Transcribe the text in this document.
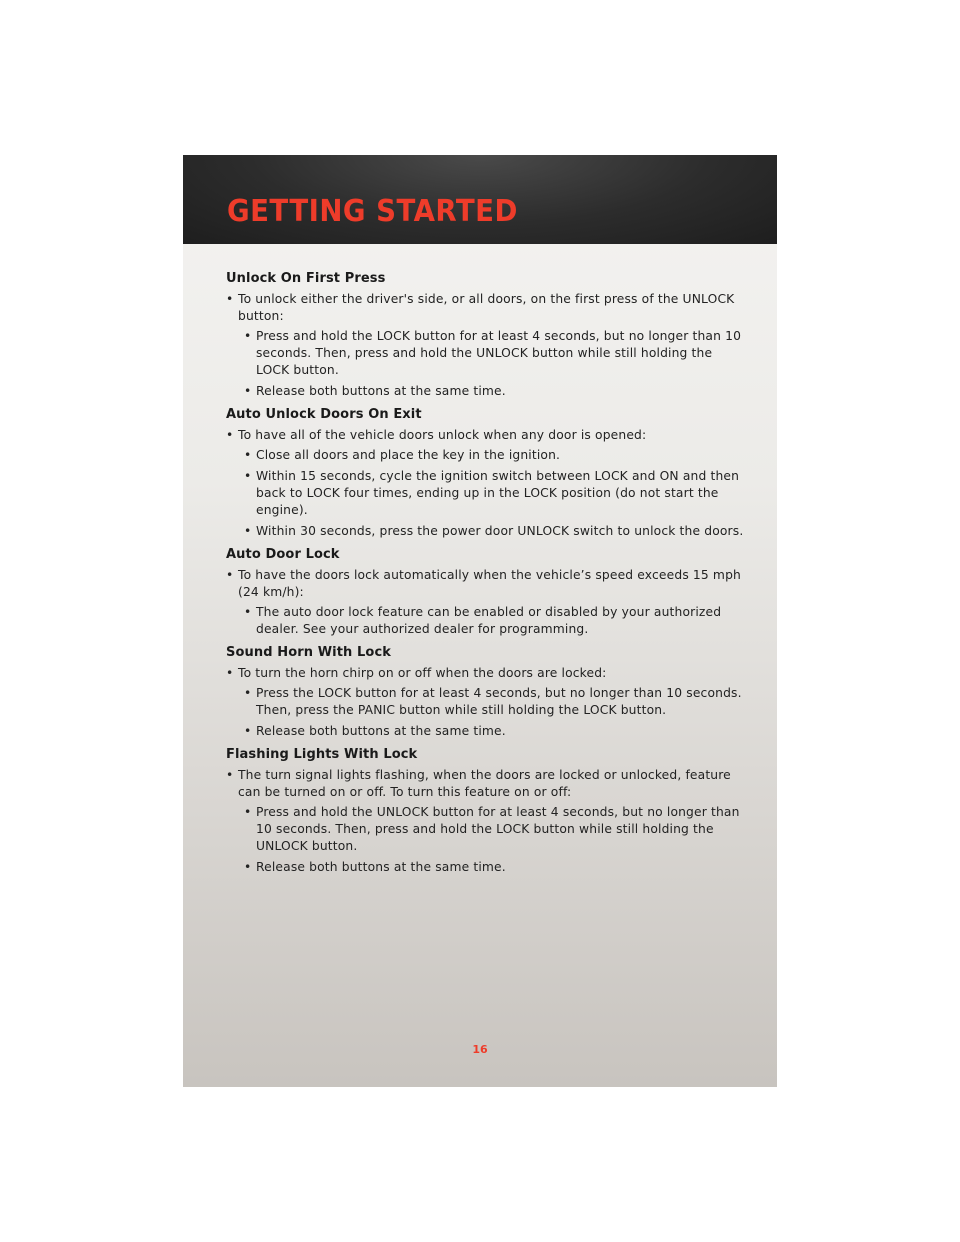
GETTING STARTED
Unlock On First Press

• To unlock either the driver's side, or all doors, on the first press of the UNLOCK button:

• Press and hold the LOCK button for at least 4 seconds, but no longer than 10 seconds. Then, press and hold the UNLOCK button while still holding the LOCK button.

• Release both buttons at the same time.

Auto Unlock Doors On Exit

• To have all of the vehicle doors unlock when any door is opened:

• Close all doors and place the key in the ignition.

• Within 15 seconds, cycle the ignition switch between LOCK and ON and then back to LOCK four times, ending up in the LOCK position (do not start the engine).

• Within 30 seconds, press the power door UNLOCK switch to unlock the doors.

Auto Door Lock

• To have the doors lock automatically when the vehicle’s speed exceeds 15 mph (24 km/h):

• The auto door lock feature can be enabled or disabled by your authorized dealer. See your authorized dealer for programming.

Sound Horn With Lock

• To turn the horn chirp on or off when the doors are locked:

• Press the LOCK button for at least 4 seconds, but no longer than 10 seconds. Then, press the PANIC button while still holding the LOCK button.

• Release both buttons at the same time.

Flashing Lights With Lock

• The turn signal lights flashing, when the doors are locked or unlocked, feature can be turned on or off. To turn this feature on or off:

• Press and hold the UNLOCK button for at least 4 seconds, but no longer than 10 seconds. Then, press and hold the LOCK button while still holding the UNLOCK button.

• Release both buttons at the same time.

16
